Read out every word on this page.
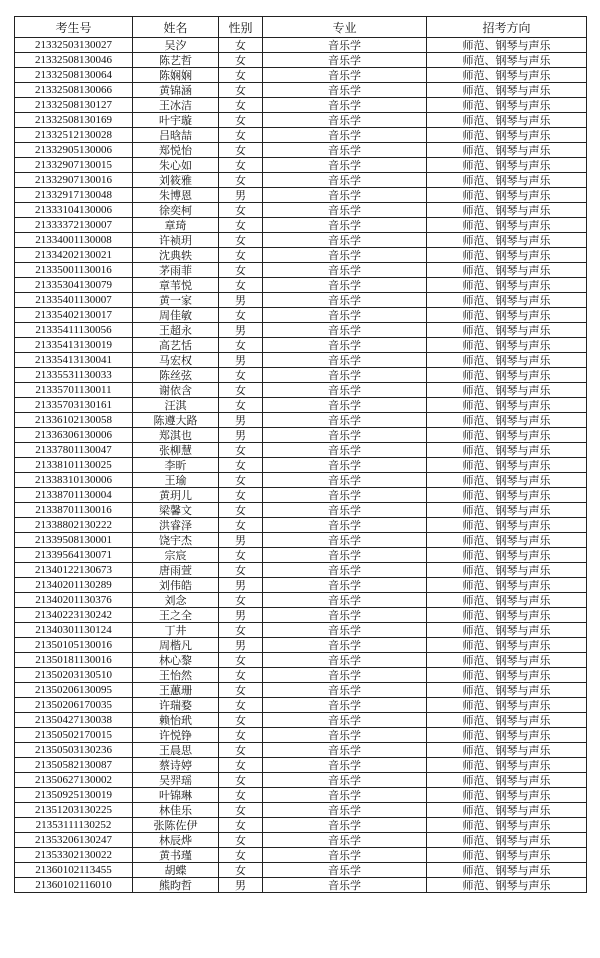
考生号	姓名	性别	专业	招考方向
21332503130027	吴汐	女	音乐学	师范、钢琴与声乐
21332508130046	陈艺哲	女	音乐学	师范、钢琴与声乐
21332508130064	陈娴娴	女	音乐学	师范、钢琴与声乐
21332508130066	黄锦涵	女	音乐学	师范、钢琴与声乐
21332508130127	王冰洁	女	音乐学	师范、钢琴与声乐
21332508130169	叶宇璇	女	音乐学	师范、钢琴与声乐
21332512130028	吕晗喆	女	音乐学	师范、钢琴与声乐
21332905130006	郑悦怡	女	音乐学	师范、钢琴与声乐
21332907130015	朱心如	女	音乐学	师范、钢琴与声乐
21332907130016	刘筱雅	女	音乐学	师范、钢琴与声乐
21332917130048	朱博恩	男	音乐学	师范、钢琴与声乐
21333104130006	徐奕柯	女	音乐学	师范、钢琴与声乐
21333372130007	章琦	女	音乐学	师范、钢琴与声乐
21334001130008	许祯玥	女	音乐学	师范、钢琴与声乐
21334202130021	沈典轶	女	音乐学	师范、钢琴与声乐
21335001130016	茅雨菲	女	音乐学	师范、钢琴与声乐
21335304130079	章苇悦	女	音乐学	师范、钢琴与声乐
21335401130007	黄一家	男	音乐学	师范、钢琴与声乐
21335402130017	周佳敏	女	音乐学	师范、钢琴与声乐
21335411130056	王超永	男	音乐学	师范、钢琴与声乐
21335413130019	高艺恬	女	音乐学	师范、钢琴与声乐
21335413130041	马宏权	男	音乐学	师范、钢琴与声乐
21335531130033	陈丝弦	女	音乐学	师范、钢琴与声乐
21335701130011	谢依含	女	音乐学	师范、钢琴与声乐
21335703130161	汪淇	女	音乐学	师范、钢琴与声乐
21336102130058	陈遵大路	男	音乐学	师范、钢琴与声乐
21336306130006	郑淇也	男	音乐学	师范、钢琴与声乐
21337801130047	张柳慧	女	音乐学	师范、钢琴与声乐
21338101130025	李昕	女	音乐学	师范、钢琴与声乐
21338310130006	王瑜	女	音乐学	师范、钢琴与声乐
21338701130004	黄玥儿	女	音乐学	师范、钢琴与声乐
21338701130016	梁馨文	女	音乐学	师范、钢琴与声乐
21338802130222	洪睿泽	女	音乐学	师范、钢琴与声乐
21339508130001	饶宇杰	男	音乐学	师范、钢琴与声乐
21339564130071	宗宸	女	音乐学	师范、钢琴与声乐
21340122130673	唐雨萱	女	音乐学	师范、钢琴与声乐
21340201130289	刘伟皓	男	音乐学	师范、钢琴与声乐
21340201130376	刘念	女	音乐学	师范、钢琴与声乐
21340223130242	王之全	男	音乐学	师范、钢琴与声乐
21340301130124	丁井	女	音乐学	师范、钢琴与声乐
21350105130016	周楷凡	男	音乐学	师范、钢琴与声乐
21350181130016	林心黎	女	音乐学	师范、钢琴与声乐
21350203130510	王怡然	女	音乐学	师范、钢琴与声乐
21350206130095	王蕙珊	女	音乐学	师范、钢琴与声乐
21350206170035	许瑞婺	女	音乐学	师范、钢琴与声乐
21350427130038	赖怡玳	女	音乐学	师范、钢琴与声乐
21350502170015	许悦铮	女	音乐学	师范、钢琴与声乐
21350503130236	王晨思	女	音乐学	师范、钢琴与声乐
21350582130087	蔡诗婷	女	音乐学	师范、钢琴与声乐
21350627130002	吴羿瑶	女	音乐学	师范、钢琴与声乐
21350925130019	叶锦琳	女	音乐学	师范、钢琴与声乐
21351203130225	林佳乐	女	音乐学	师范、钢琴与声乐
21353111130252	张陈佐伊	女	音乐学	师范、钢琴与声乐
21353206130247	林辰烨	女	音乐学	师范、钢琴与声乐
21353302130022	黄书瑾	女	音乐学	师范、钢琴与声乐
21360102113455	胡蝶	女	音乐学	师范、钢琴与声乐
21360102116010	熊昀哲	男	音乐学	师范、钢琴与声乐
